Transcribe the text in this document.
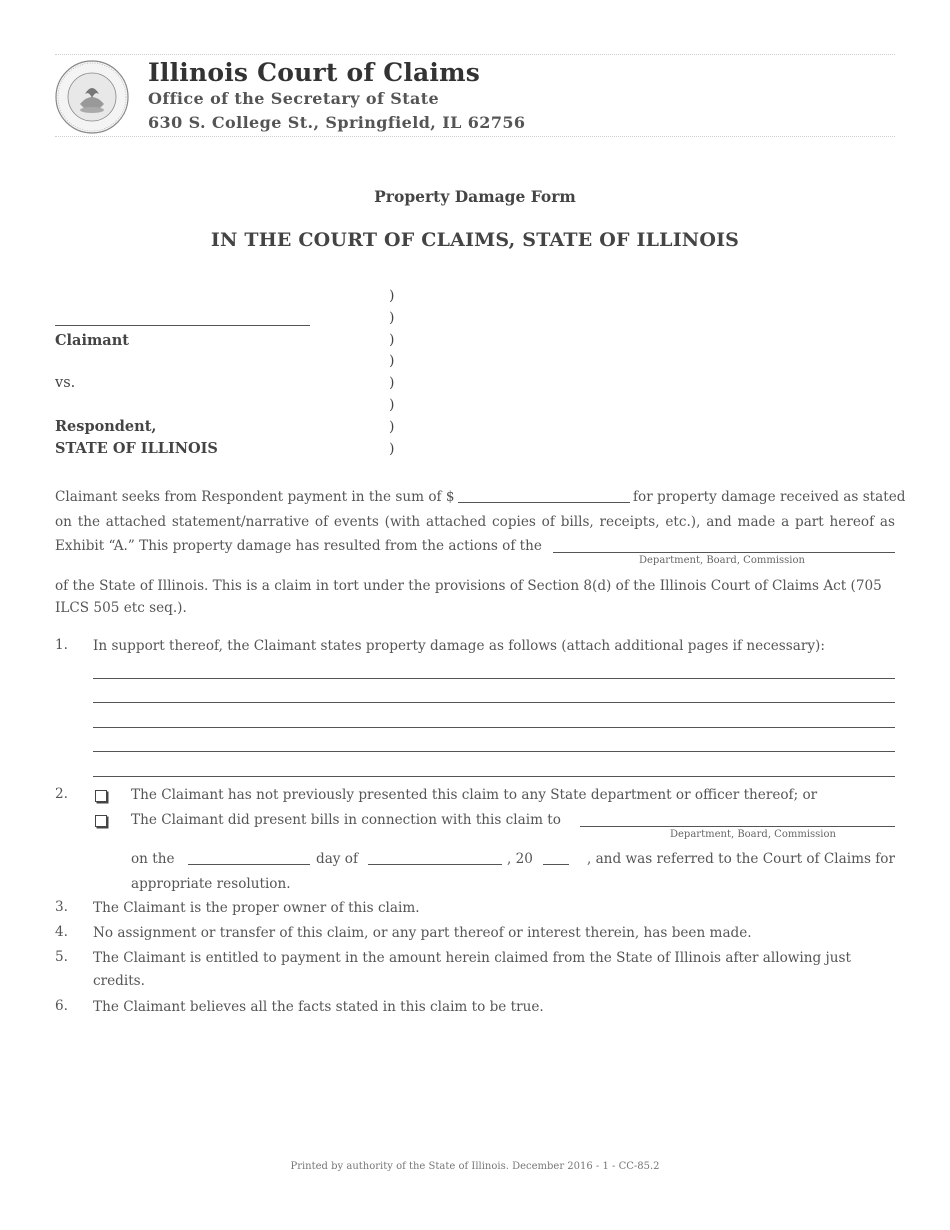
Illinois Court of Claims
Office of the Secretary of State
630 S. College St., Springfield, IL 62756
Property Damage Form
IN THE COURT OF CLAIMS, STATE OF ILLINOIS
)
)
)
)
)
)
)
)
Claimant
vs.
Respondent,
STATE OF ILLINOIS
Claimant seeks from Respondent payment in the sum of $	for property damage received as stated
on the attached statement/narrative of events (with attached copies of bills, receipts, etc.), and made a part hereof as
Exhibit “A.” This property damage has resulted from the actions of the
Department, Board, Commission
of the State of Illinois. This is a claim in tort under the provisions of Section 8(d) of the Illinois Court of Claims Act (705 ILCS 505 etc seq.).
1. In support thereof, the Claimant states property damage as follows (attach additional pages if necessary):
2.	The Claimant has not previously presented this claim to any State department or officer thereof; or
The Claimant did present bills in connection with this claim to
Department, Board, Commission
on the	day of	, 20	, and was referred to the Court of Claims for
appropriate resolution.
3. The Claimant is the proper owner of this claim.
4. No assignment or transfer of this claim, or any part thereof or interest therein, has been made.
5. The Claimant is entitled to payment in the amount herein claimed from the State of Illinois after allowing just credits.
6. The Claimant believes all the facts stated in this claim to be true.
Printed by authority of the State of Illinois. December 2016 - 1 - CC-85.2
